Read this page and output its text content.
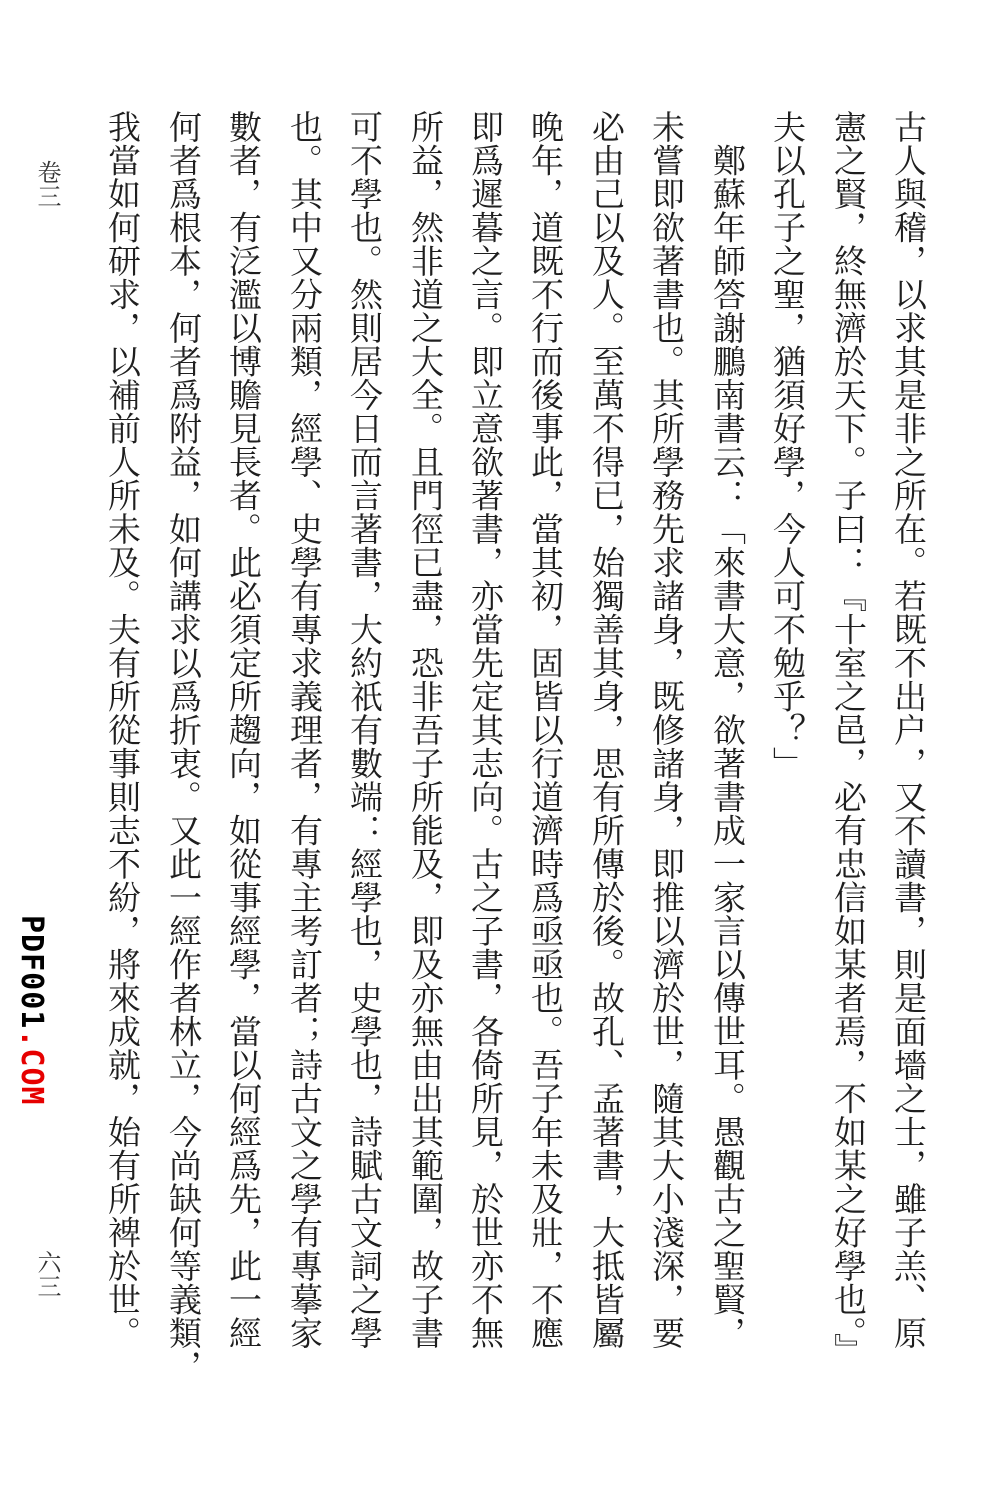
卷三
六三
PDF001.COM	古人與稽，以求其是非之所在。若既不出户，又不讀書，則是面墻之士，雖子羔、原
憲之賢，終無濟於天下。子曰：『十室之邑，必有忠信如某者焉，不如某之好學也。』
夫以孔子之聖，猶須好學，今人可不勉乎？」
　鄭蘇年師答謝鵬南書云：「來書大意，欲著書成一家言以傳世耳。愚觀古之聖賢，
未嘗即欲著書也。其所學務先求諸身，既修諸身，即推以濟於世，隨其大小淺深，要
必由己以及人。至萬不得已，始獨善其身，思有所傳於後。故孔、孟著書，大抵皆屬
晚年，道既不行而後事此，當其初，固皆以行道濟時爲亟亟也。吾子年未及壯，不應
即爲遲暮之言。即立意欲著書，亦當先定其志向。古之子書，各倚所見，於世亦不無
所益，然非道之大全。且門徑已盡，恐非吾子所能及，即及亦無由出其範圍，故子書
可不學也。然則居今日而言著書，大約祇有數端：經學也，史學也，詩賦古文詞之學
也。其中又分兩類，經學、史學有專求義理者，有專主考訂者；詩古文之學有專摹家
數者，有泛濫以博贍見長者。此必須定所趨向，如從事經學，當以何經爲先，此一經
何者爲根本，何者爲附益，如何講求以爲折衷。又此一經作者林立，今尚缺何等義類，
我當如何研求，以補前人所未及。夫有所從事則志不紛，將來成就，始有所裨於世。
